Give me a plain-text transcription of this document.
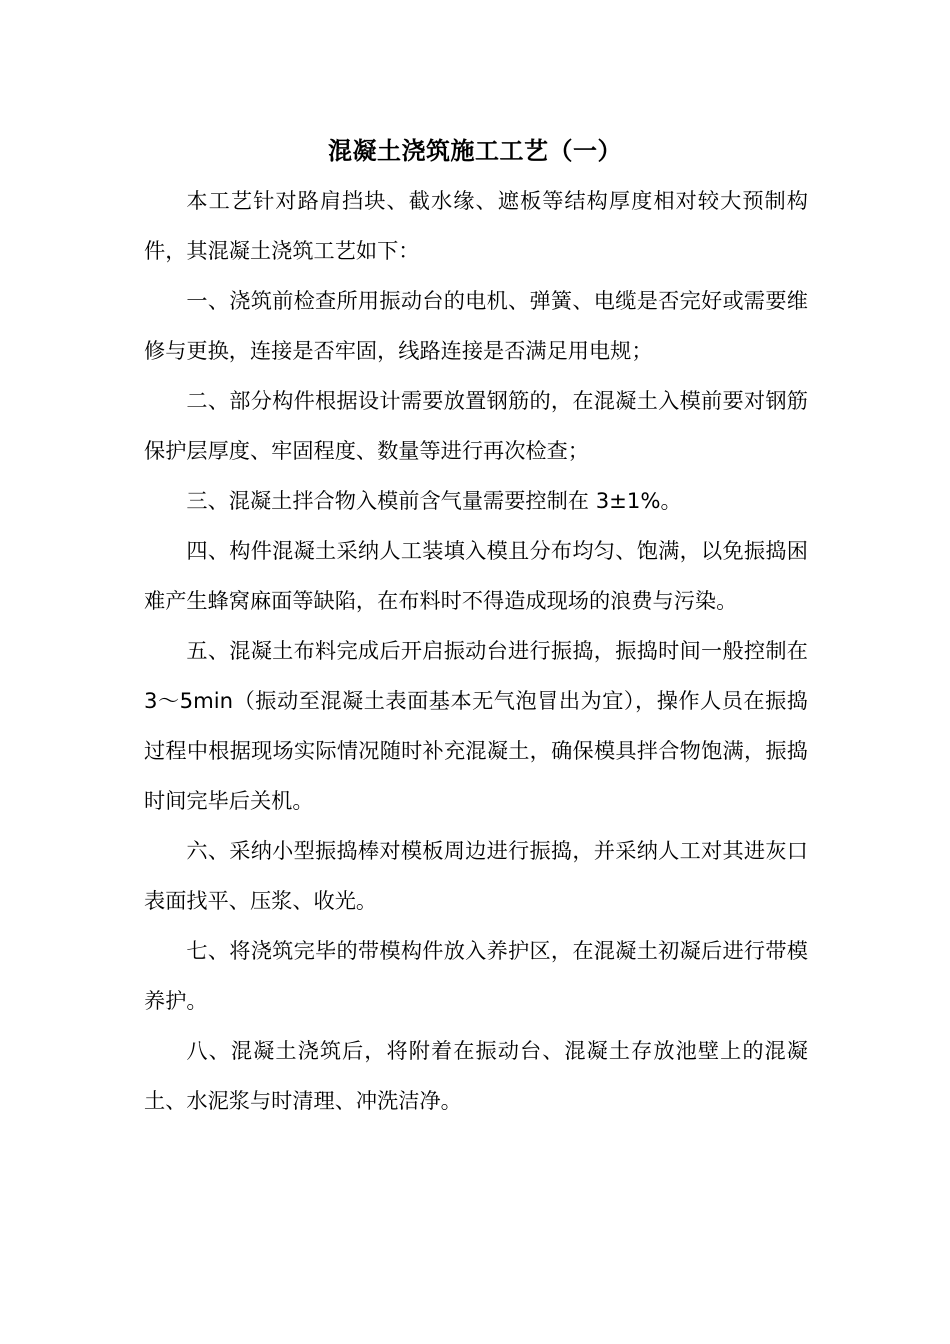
混凝土浇筑施工工艺（一）

本工艺针对路肩挡块、截水缘、遮板等结构厚度相对较大预制构件，其混凝土浇筑工艺如下：

一、浇筑前检查所用振动台的电机、弹簧、电缆是否完好或需要维修与更换，连接是否牢固，线路连接是否满足用电规；

二、部分构件根据设计需要放置钢筋的，在混凝土入模前要对钢筋保护层厚度、牢固程度、数量等进行再次检查；

三、混凝土拌合物入模前含气量需要控制在 3±1%。

四、构件混凝土采纳人工装填入模且分布均匀、饱满，以免振捣困难产生蜂窝麻面等缺陷，在布料时不得造成现场的浪费与污染。

五、混凝土布料完成后开启振动台进行振捣，振捣时间一般控制在 3～5min（振动至混凝土表面基本无气泡冒出为宜），操作人员在振捣过程中根据现场实际情况随时补充混凝土，确保模具拌合物饱满，振捣时间完毕后关机。

六、采纳小型振捣棒对模板周边进行振捣，并采纳人工对其进灰口表面找平、压浆、收光。

七、将浇筑完毕的带模构件放入养护区，在混凝土初凝后进行带模养护。

八、混凝土浇筑后，将附着在振动台、混凝土存放池壁上的混凝土、水泥浆与时清理、冲洗洁净。
